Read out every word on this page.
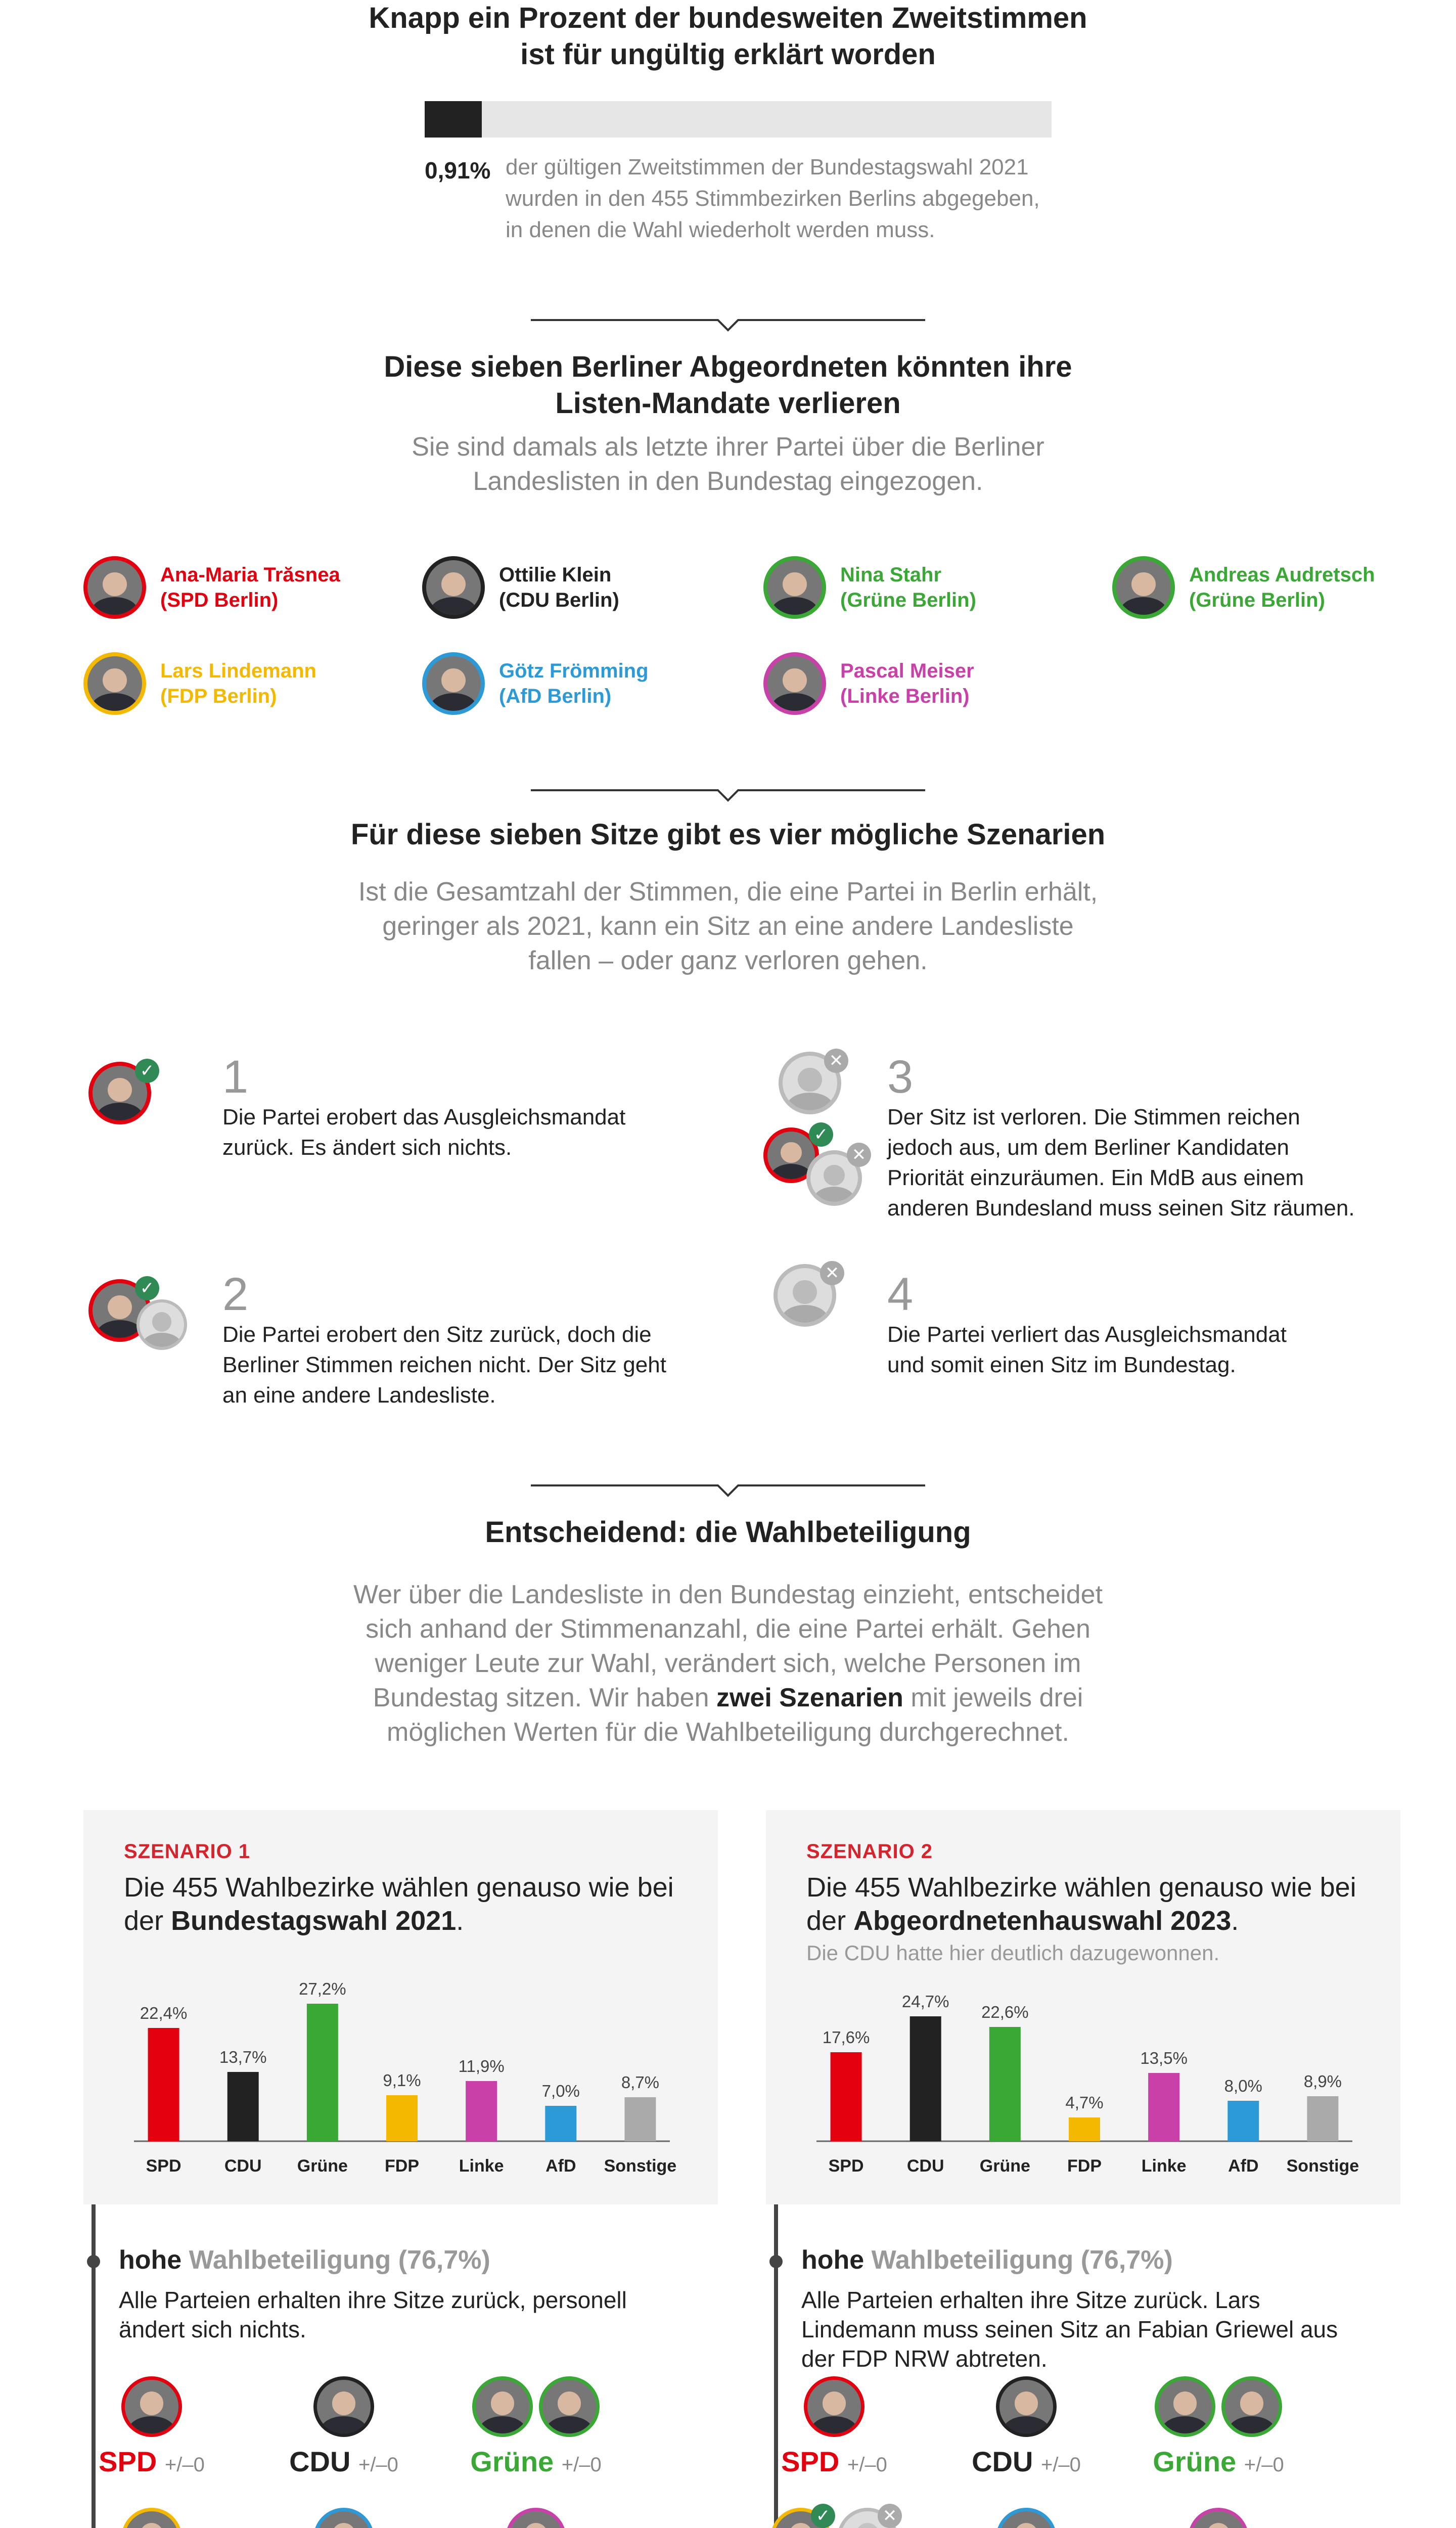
Knapp ein Prozent der bundesweiten Zweitstimmen
ist für ungültig erklärt worden
0,91% der gültigen Zweitstimmen der Bundestagswahl 2021 wurden in den 455 Stimmbezirken Berlins abgegeben, in denen die Wahl wiederholt werden muss.
Diese sieben Berliner Abgeordneten könnten ihre
Listen-Mandate verlieren
Sie sind damals als letzte ihrer Partei über die Berliner
Landeslisten in den Bundestag eingezogen.
Ana-Maria Trăsnea
(SPD Berlin)
Ottilie Klein
(CDU Berlin)
Nina Stahr
(Grüne Berlin)
Andreas Audretsch
(Grüne Berlin)
Lars Lindemann
(FDP Berlin)
Götz Frömming
(AfD Berlin)
Pascal Meiser
(Linke Berlin)
Für diese sieben Sitze gibt es vier mögliche Szenarien
Ist die Gesamtzahl der Stimmen, die eine Partei in Berlin erhält,
geringer als 2021, kann ein Sitz an eine andere Landesliste
fallen – oder ganz verloren gehen.
✓ 1
Die Partei erobert das Ausgleichsmandat
zurück. Es ändert sich nichts.
✓ 2
Die Partei erobert den Sitz zurück, doch die
Berliner Stimmen reichen nicht. Der Sitz geht
an eine andere Landesliste.
✕
✓
✕
3
Der Sitz ist verloren. Die Stimmen reichen
jedoch aus, um dem Berliner Kandidaten
Priorität einzuräumen. Ein MdB aus einem
anderen Bundesland muss seinen Sitz räumen.
✕ 4
Die Partei verliert das Ausgleichsmandat
und somit einen Sitz im Bundestag.
Entscheidend: die Wahlbeteiligung
Wer über die Landesliste in den Bundestag einzieht, entscheidet
sich anhand der Stimmenanzahl, die eine Partei erhält. Gehen
weniger Leute zur Wahl, verändert sich, welche Personen im
Bundestag sitzen. Wir haben zwei Szenarien mit jeweils drei
möglichen Werten für die Wahlbeteiligung durchgerechnet.
SZENARIO 1
Die 455 Wahlbezirke wählen genauso wie bei der Bundestagswahl 2021.
22,4%
SPD
13,7%
CDU
27,2%
Grüne
9,1%
FDP
11,9%
Linke
7,0%
AfD
8,7%
Sonstige
SZENARIO 2
Die 455 Wahlbezirke wählen genauso wie bei der Abgeordnetenhauswahl 2023.
Die CDU hatte hier deutlich dazugewonnen.
17,6%
SPD
24,7%
CDU
22,6%
Grüne
4,7%
FDP
13,5%
Linke
8,0%
AfD
8,9%
Sonstige
hohe Wahlbeteiligung (76,7%)
Alle Parteien erhalten ihre Sitze zurück, personell
ändert sich nichts.
hohe Wahlbeteiligung (76,7%)
Alle Parteien erhalten ihre Sitze zurück. Lars
Lindemann muss seinen Sitz an Fabian Griewel aus
der FDP NRW abtreten.
SPD +/–0	CDU +/–0	Grüne +/–0	SPD +/–0	CDU +/–0	Grüne +/–0
✓	✕
